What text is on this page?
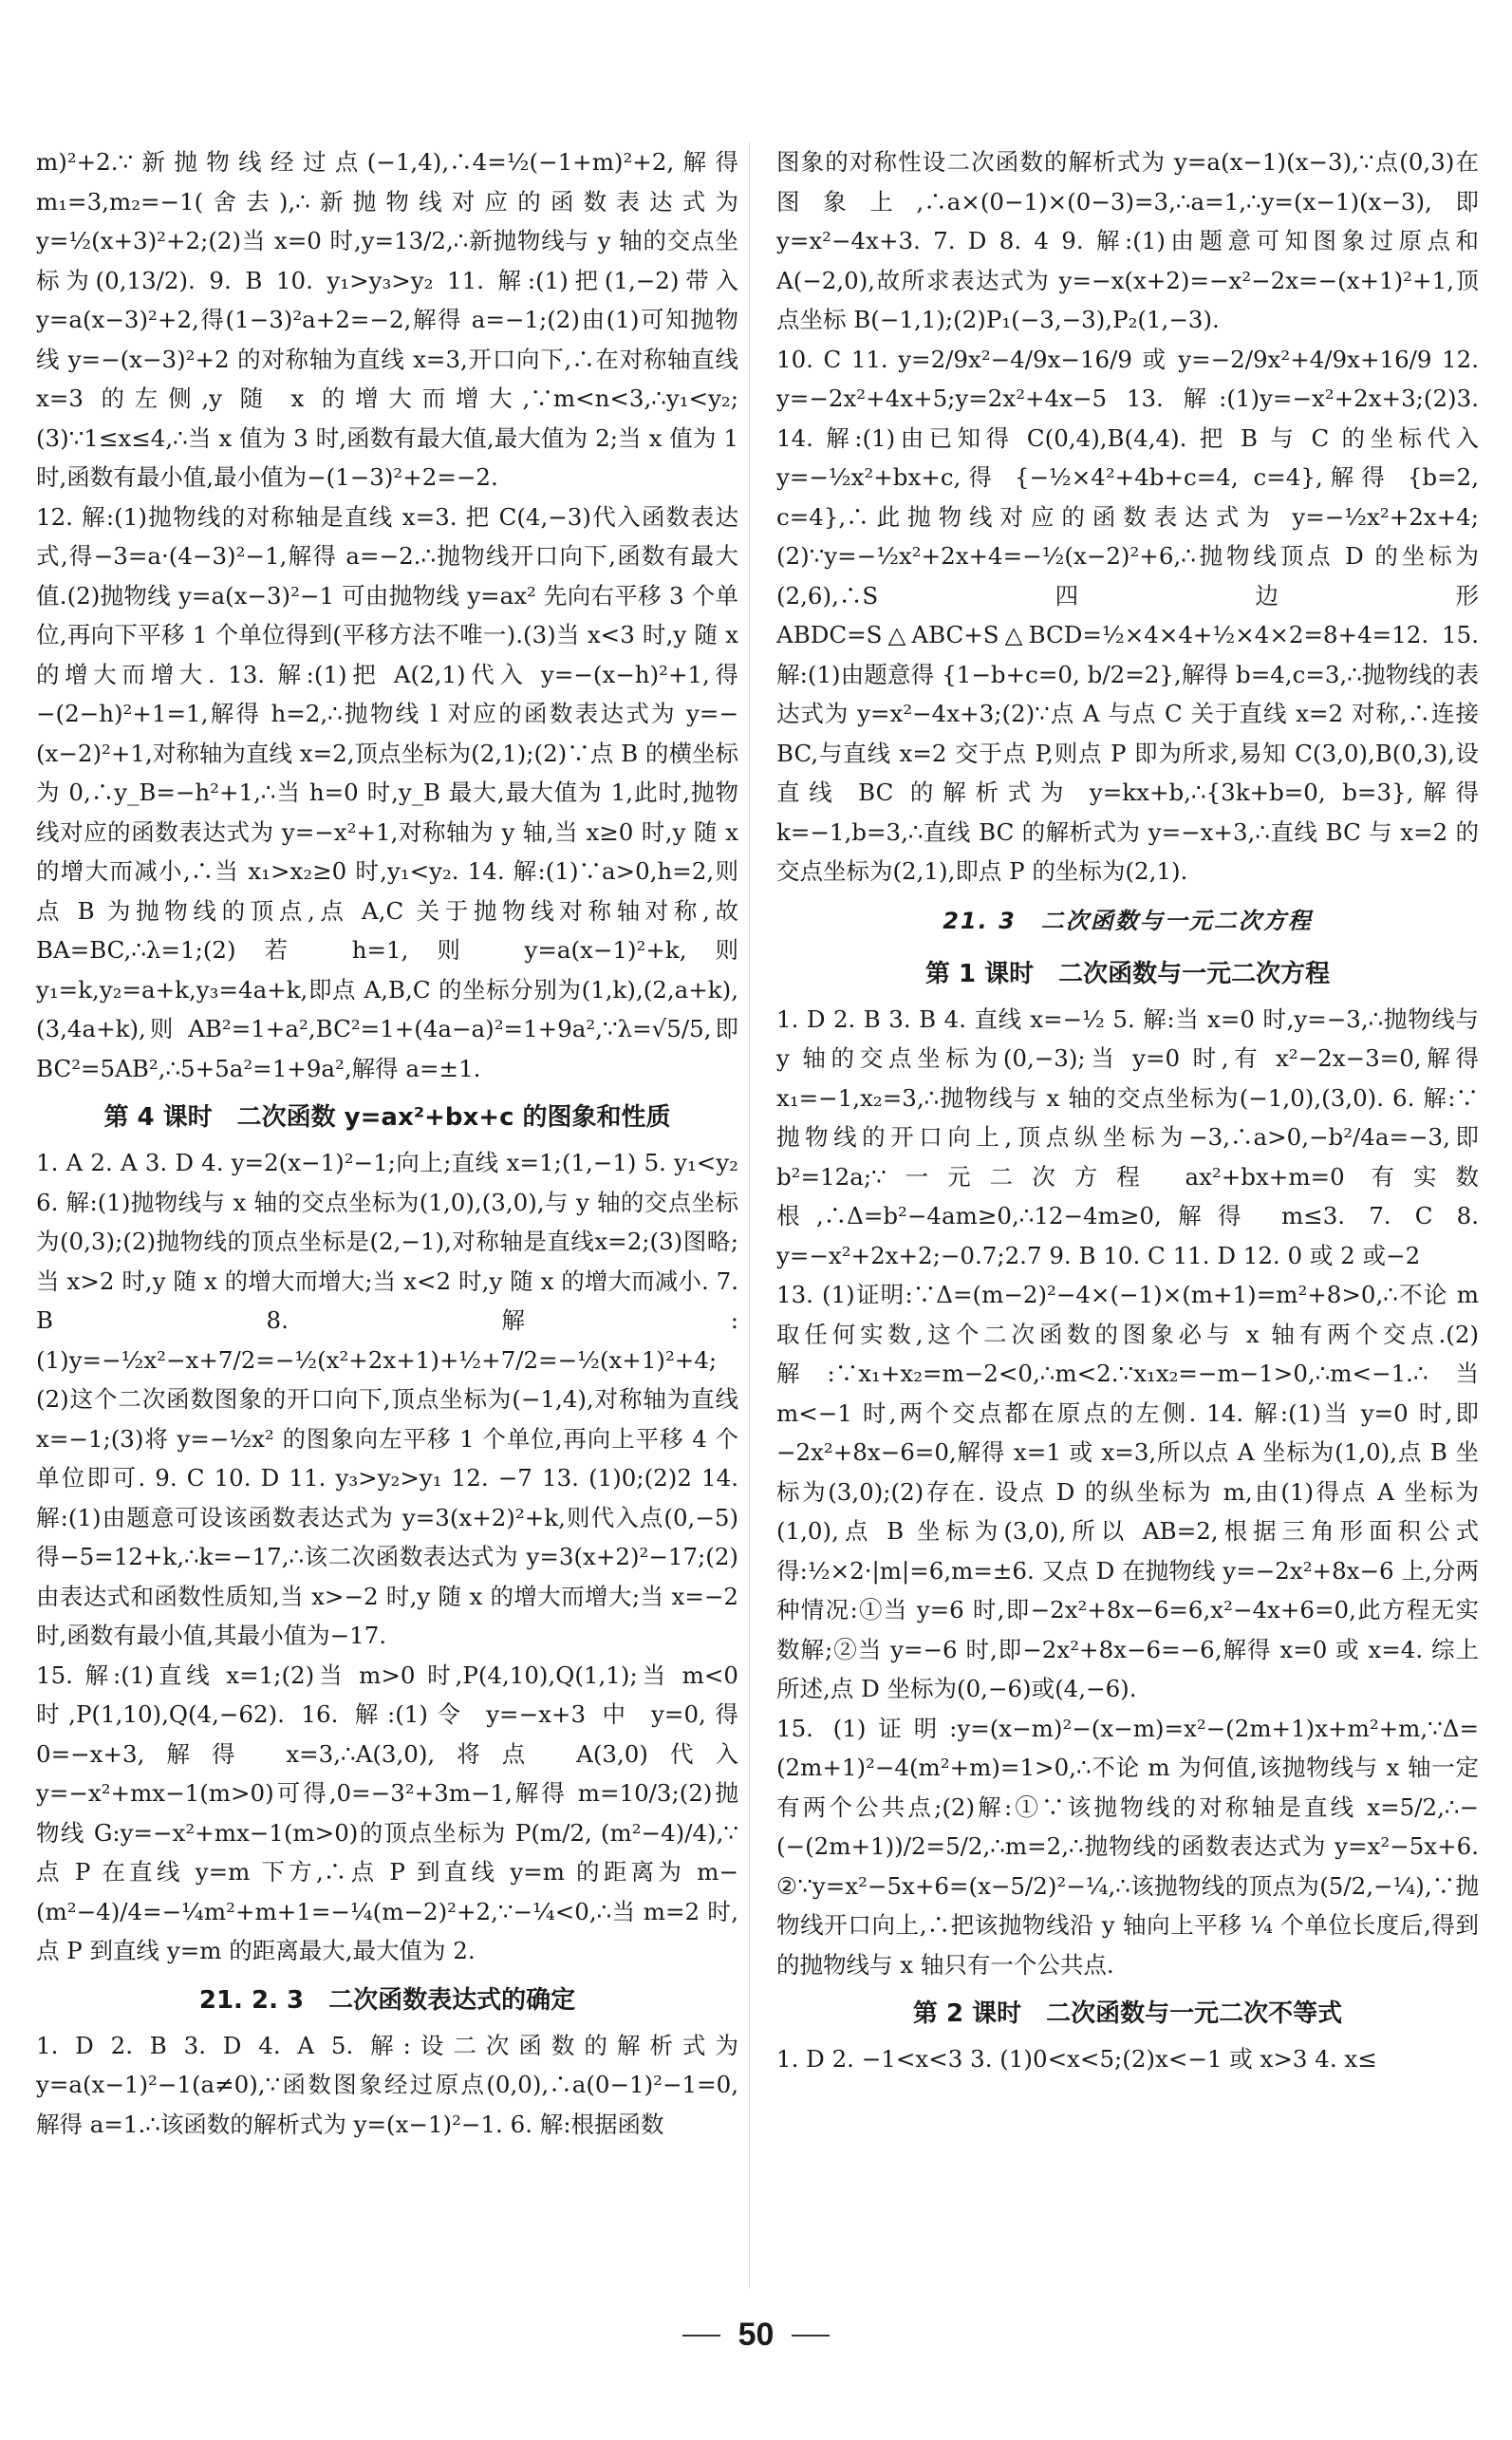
m)²+2.∵新抛物线经过点(−1,4),∴4=½(−1+m)²+2,解得 m₁=3,m₂=−1(舍去),∴新抛物线对应的函数表达式为 y=½(x+3)²+2;(2)当 x=0 时,y=13/2,∴新抛物线与 y 轴的交点坐标为(0,13/2). 9. B 10. y₁>y₃>y₂ 11. 解:(1)把(1,−2)带入 y=a(x−3)²+2,得(1−3)²a+2=−2,解得 a=−1;(2)由(1)可知抛物线 y=−(x−3)²+2 的对称轴为直线 x=3,开口向下,∴在对称轴直线 x=3 的左侧,y 随 x 的增大而增大,∵m<n<3,∴y₁<y₂;(3)∵1≤x≤4,∴当 x 值为 3 时,函数有最大值,最大值为 2;当 x 值为 1 时,函数有最小值,最小值为−(1−3)²+2=−2.
12. 解:(1)抛物线的对称轴是直线 x=3. 把 C(4,−3)代入函数表达式,得−3=a·(4−3)²−1,解得 a=−2.∴抛物线开口向下,函数有最大值.(2)抛物线 y=a(x−3)²−1 可由抛物线 y=ax² 先向右平移 3 个单位,再向下平移 1 个单位得到(平移方法不唯一).(3)当 x<3 时,y 随 x 的增大而增大. 13. 解:(1)把 A(2,1)代入 y=−(x−h)²+1,得−(2−h)²+1=1,解得 h=2,∴抛物线 l 对应的函数表达式为 y=−(x−2)²+1,对称轴为直线 x=2,顶点坐标为(2,1);(2)∵点 B 的横坐标为 0,∴y_B=−h²+1,∴当 h=0 时,y_B 最大,最大值为 1,此时,抛物线对应的函数表达式为 y=−x²+1,对称轴为 y 轴,当 x≥0 时,y 随 x 的增大而减小,∴当 x₁>x₂≥0 时,y₁<y₂. 14. 解:(1)∵a>0,h=2,则点 B 为抛物线的顶点,点 A,C 关于抛物线对称轴对称,故 BA=BC,∴λ=1;(2)若 h=1,则 y=a(x−1)²+k,则 y₁=k,y₂=a+k,y₃=4a+k,即点 A,B,C 的坐标分别为(1,k),(2,a+k),(3,4a+k),则 AB²=1+a²,BC²=1+(4a−a)²=1+9a²,∵λ=√5/5,即 BC²=5AB²,∴5+5a²=1+9a²,解得 a=±1.
第 4 课时　二次函数 y=ax²+bx+c 的图象和性质
1. A 2. A 3. D 4. y=2(x−1)²−1;向上;直线 x=1;(1,−1) 5. y₁<y₂ 6. 解:(1)抛物线与 x 轴的交点坐标为(1,0),(3,0),与 y 轴的交点坐标为(0,3);(2)抛物线的顶点坐标是(2,−1),对称轴是直线x=2;(3)图略;当 x>2 时,y 随 x 的增大而增大;当 x<2 时,y 随 x 的增大而减小. 7. B 8. 解:(1)y=−½x²−x+7/2=−½(x²+2x+1)+½+7/2=−½(x+1)²+4;(2)这个二次函数图象的开口向下,顶点坐标为(−1,4),对称轴为直线 x=−1;(3)将 y=−½x² 的图象向左平移 1 个单位,再向上平移 4 个单位即可. 9. C 10. D 11. y₃>y₂>y₁ 12. −7 13. (1)0;(2)2 14. 解:(1)由题意可设该函数表达式为 y=3(x+2)²+k,则代入点(0,−5)得−5=12+k,∴k=−17,∴该二次函数表达式为 y=3(x+2)²−17;(2)由表达式和函数性质知,当 x>−2 时,y 随 x 的增大而增大;当 x=−2 时,函数有最小值,其最小值为−17.
15. 解:(1)直线 x=1;(2)当 m>0 时,P(4,10),Q(1,1);当 m<0 时,P(1,10),Q(4,−62). 16. 解:(1)令 y=−x+3 中 y=0,得 0=−x+3,解得 x=3,∴A(3,0),将点 A(3,0)代入 y=−x²+mx−1(m>0)可得,0=−3²+3m−1,解得 m=10/3;(2)抛物线 G:y=−x²+mx−1(m>0)的顶点坐标为 P(m/2, (m²−4)/4),∵点 P 在直线 y=m 下方,∴点 P 到直线 y=m 的距离为 m−(m²−4)/4=−¼m²+m+1=−¼(m−2)²+2,∵−¼<0,∴当 m=2 时,点 P 到直线 y=m 的距离最大,最大值为 2.
21. 2. 3　二次函数表达式的确定
1. D 2. B 3. D 4. A 5. 解:设二次函数的解析式为 y=a(x−1)²−1(a≠0),∵函数图象经过原点(0,0),∴a(0−1)²−1=0,解得 a=1.∴该函数的解析式为 y=(x−1)²−1. 6. 解:根据函数
图象的对称性设二次函数的解析式为 y=a(x−1)(x−3),∵点(0,3)在图象上,∴a×(0−1)×(0−3)=3,∴a=1,∴y=(x−1)(x−3),即 y=x²−4x+3. 7. D 8. 4 9. 解:(1)由题意可知图象过原点和 A(−2,0),故所求表达式为 y=−x(x+2)=−x²−2x=−(x+1)²+1,顶点坐标 B(−1,1);(2)P₁(−3,−3),P₂(1,−3).
10. C 11. y=2/9x²−4/9x−16/9 或 y=−2/9x²+4/9x+16/9 12. y=−2x²+4x+5;y=2x²+4x−5 13. 解:(1)y=−x²+2x+3;(2)3. 14. 解:(1)由已知得 C(0,4),B(4,4). 把 B 与 C 的坐标代入 y=−½x²+bx+c,得 {−½×4²+4b+c=4, c=4},解得 {b=2, c=4},∴此抛物线对应的函数表达式为 y=−½x²+2x+4;(2)∵y=−½x²+2x+4=−½(x−2)²+6,∴抛物线顶点 D 的坐标为(2,6),∴S四边形ABDC=S△ABC+S△BCD=½×4×4+½×4×2=8+4=12. 15. 解:(1)由题意得 {1−b+c=0, b/2=2},解得 b=4,c=3,∴抛物线的表达式为 y=x²−4x+3;(2)∵点 A 与点 C 关于直线 x=2 对称,∴连接 BC,与直线 x=2 交于点 P,则点 P 即为所求,易知 C(3,0),B(0,3),设直线 BC 的解析式为 y=kx+b,∴{3k+b=0, b=3},解得 k=−1,b=3,∴直线 BC 的解析式为 y=−x+3,∴直线 BC 与 x=2 的交点坐标为(2,1),即点 P 的坐标为(2,1).
21. 3　二次函数与一元二次方程
第 1 课时　二次函数与一元二次方程
1. D 2. B 3. B 4. 直线 x=−½ 5. 解:当 x=0 时,y=−3,∴抛物线与 y 轴的交点坐标为(0,−3);当 y=0 时,有 x²−2x−3=0,解得 x₁=−1,x₂=3,∴抛物线与 x 轴的交点坐标为(−1,0),(3,0). 6. 解:∵抛物线的开口向上,顶点纵坐标为−3,∴a>0,−b²/4a=−3,即 b²=12a;∵一元二次方程 ax²+bx+m=0 有实数根,∴Δ=b²−4am≥0,∴12−4m≥0,解得 m≤3. 7. C 8. y=−x²+2x+2;−0.7;2.7 9. B 10. C 11. D 12. 0 或 2 或−2
13. (1)证明:∵Δ=(m−2)²−4×(−1)×(m+1)=m²+8>0,∴不论 m 取任何实数,这个二次函数的图象必与 x 轴有两个交点.(2)解:∵x₁+x₂=m−2<0,∴m<2.∵x₁x₂=−m−1>0,∴m<−1.∴当 m<−1 时,两个交点都在原点的左侧. 14. 解:(1)当 y=0 时,即−2x²+8x−6=0,解得 x=1 或 x=3,所以点 A 坐标为(1,0),点 B 坐标为(3,0);(2)存在. 设点 D 的纵坐标为 m,由(1)得点 A 坐标为(1,0),点 B 坐标为(3,0),所以 AB=2,根据三角形面积公式得:½×2·|m|=6,m=±6. 又点 D 在抛物线 y=−2x²+8x−6 上,分两种情况:①当 y=6 时,即−2x²+8x−6=6,x²−4x+6=0,此方程无实数解;②当 y=−6 时,即−2x²+8x−6=−6,解得 x=0 或 x=4. 综上所述,点 D 坐标为(0,−6)或(4,−6).
15. (1)证明:y=(x−m)²−(x−m)=x²−(2m+1)x+m²+m,∵Δ=(2m+1)²−4(m²+m)=1>0,∴不论 m 为何值,该抛物线与 x 轴一定有两个公共点;(2)解:①∵该抛物线的对称轴是直线 x=5/2,∴−(−(2m+1))/2=5/2,∴m=2,∴抛物线的函数表达式为 y=x²−5x+6. ②∵y=x²−5x+6=(x−5/2)²−¼,∴该抛物线的顶点为(5/2,−¼),∵抛物线开口向上,∴把该抛物线沿 y 轴向上平移 ¼ 个单位长度后,得到的抛物线与 x 轴只有一个公共点.
第 2 课时　二次函数与一元二次不等式
1. D 2. −1<x<3 3. (1)0<x<5;(2)x<−1 或 x>3 4. x≤
50
